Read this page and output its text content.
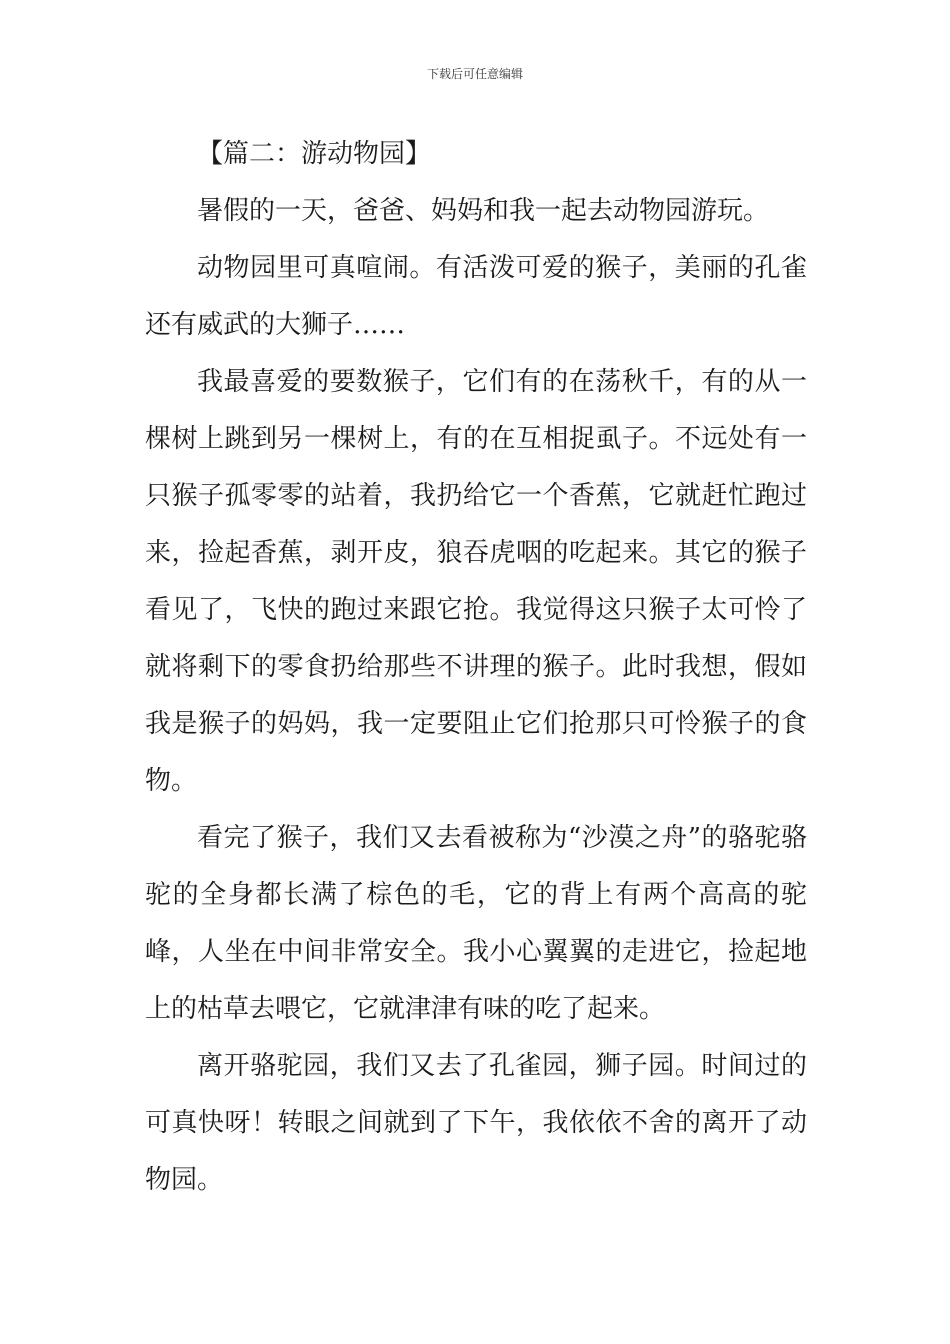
下载后可任意编辑

【篇二：游动物园】

暑假的一天，爸爸、妈妈和我一起去动物园游玩。

动物园里可真喧闹。有活泼可爱的猴子，美丽的孔雀还有威武的大狮子……

我最喜爱的要数猴子，它们有的在荡秋千，有的从一棵树上跳到另一棵树上，有的在互相捉虱子。不远处有一只猴子孤零零的站着，我扔给它一个香蕉，它就赶忙跑过来，捡起香蕉，剥开皮，狼吞虎咽的吃起来。其它的猴子看见了，飞快的跑过来跟它抢。我觉得这只猴子太可怜了就将剩下的零食扔给那些不讲理的猴子。此时我想，假如我是猴子的妈妈，我一定要阻止它们抢那只可怜猴子的食物。

看完了猴子，我们又去看被称为“沙漠之舟”的骆驼骆驼的全身都长满了棕色的毛，它的背上有两个高高的驼峰，人坐在中间非常安全。我小心翼翼的走进它，捡起地上的枯草去喂它，它就津津有味的吃了起来。

离开骆驼园，我们又去了孔雀园，狮子园。时间过的可真快呀！转眼之间就到了下午，我依依不舍的离开了动物园。
